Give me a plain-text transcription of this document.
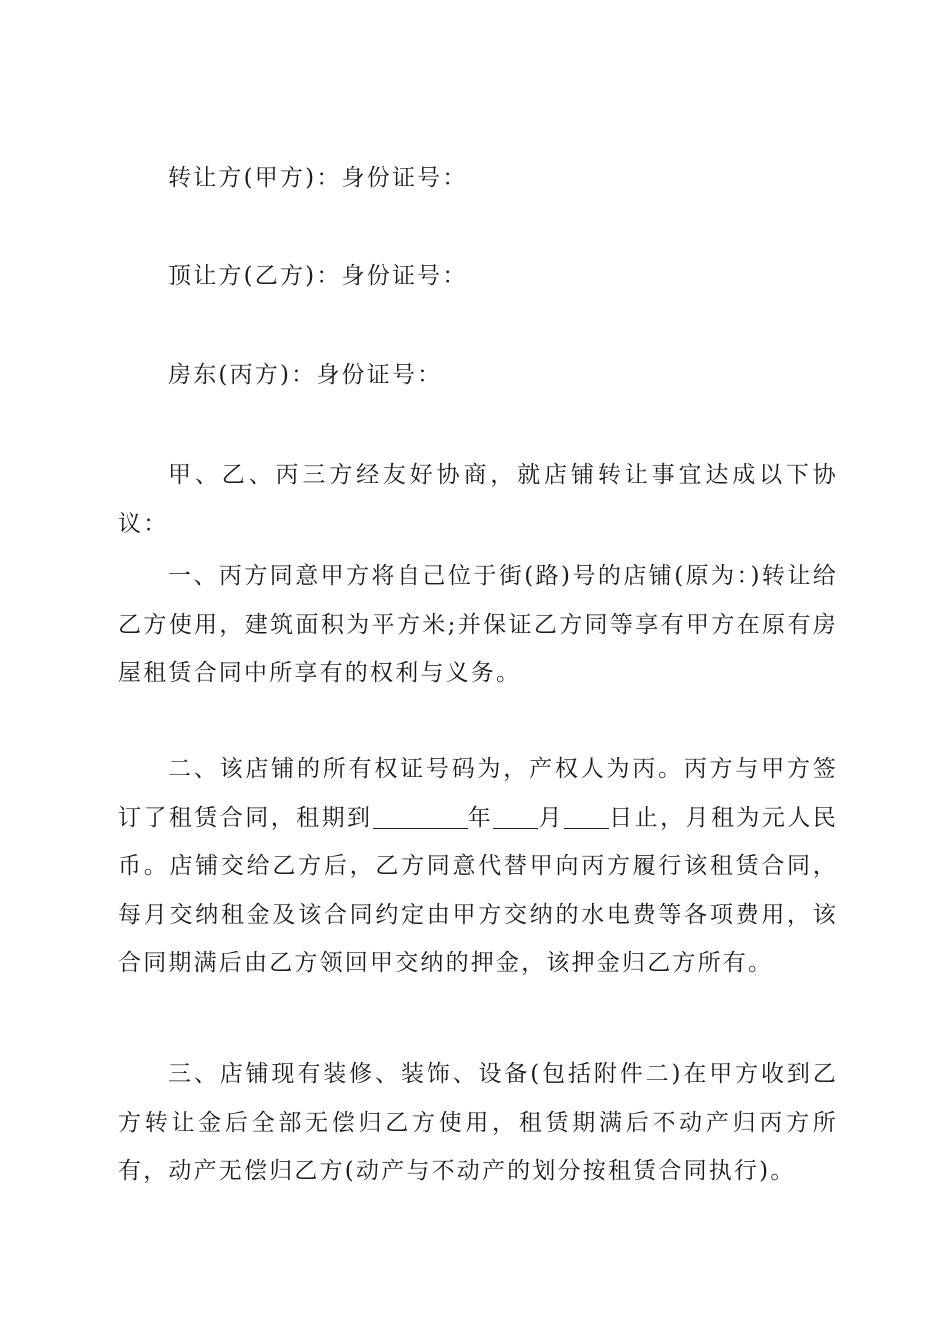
转让方(甲方)：身份证号：

顶让方(乙方)：身份证号：

房东(丙方)：身份证号：

甲、乙、丙三方经友好协商，就店铺转让事宜达成以下协议：

一、丙方同意甲方将自己位于街(路)号的店铺(原为：)转让给乙方使用，建筑面积为平方米;并保证乙方同等享有甲方在原有房屋租赁合同中所享有的权利与义务。

二、该店铺的所有权证号码为，产权人为丙。丙方与甲方签订了租赁合同，租期到	年 月 日止，月租为元人民币。店铺交给乙方后，乙方同意代替甲向丙方履行该租赁合同，每月交纳租金及该合同约定由甲方交纳的水电费等各项费用，该合同期满后由乙方领回甲交纳的押金，该押金归乙方所有。

三、店铺现有装修、装饰、设备(包括附件二)在甲方收到乙方转让金后全部无偿归乙方使用，租赁期满后不动产归丙方所有，动产无偿归乙方(动产与不动产的划分按租赁合同执行)。
